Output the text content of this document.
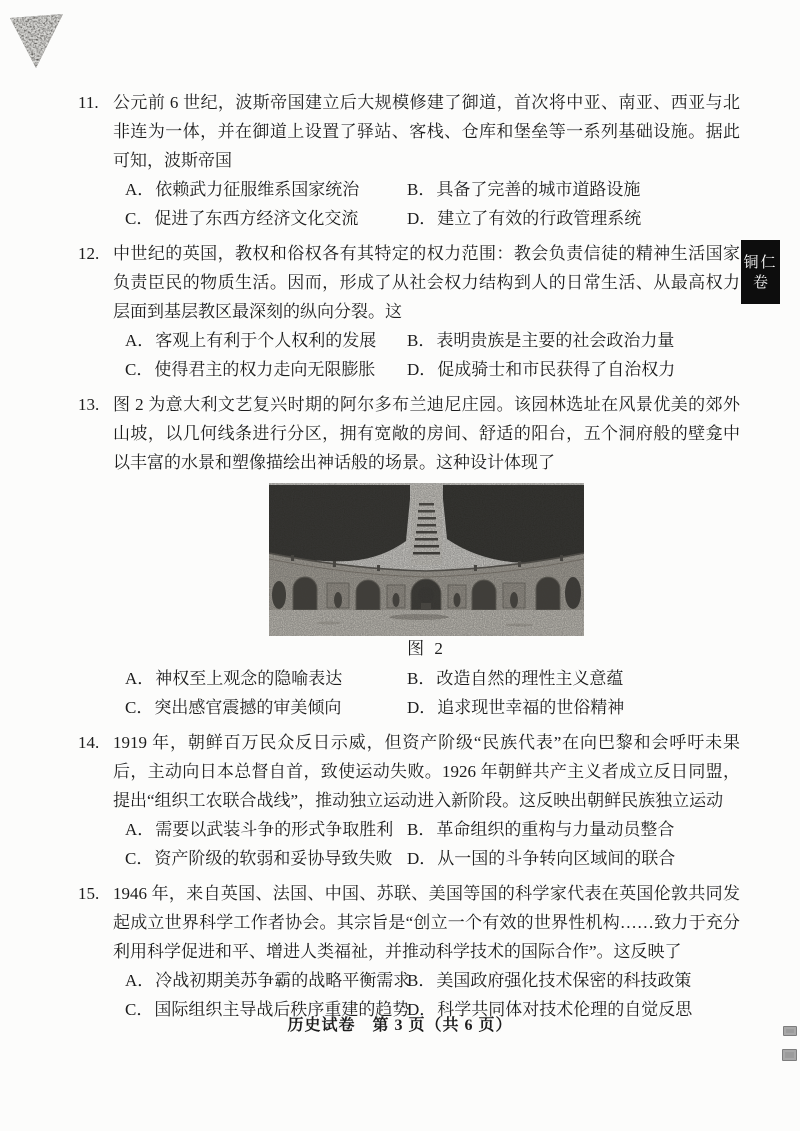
铜仁
卷
11. 公元前 6 世纪，波斯帝国建立后大规模修建了御道，首次将中亚、南亚、西亚与北非连为一体，并在御道上设置了驿站、客栈、仓库和堡垒等一系列基础设施。据此可知，波斯帝国
A．依赖武力征服维系国家统治	B．具备了完善的城市道路设施
C．促进了东西方经济文化交流	D．建立了有效的行政管理系统
12. 中世纪的英国，教权和俗权各有其特定的权力范围：教会负责信徒的精神生活国家负责臣民的物质生活。因而，形成了从社会权力结构到人的日常生活、从最高权力层面到基层教区最深刻的纵向分裂。这
A．客观上有利于个人权利的发展	B．表明贵族是主要的社会政治力量
C．使得君主的权力走向无限膨胀	D．促成骑士和市民获得了自治权力
13. 图 2 为意大利文艺复兴时期的阿尔多布兰迪尼庄园。该园林选址在风景优美的郊外山坡，以几何线条进行分区，拥有宽敞的房间、舒适的阳台，五个洞府般的壁龛中以丰富的水景和塑像描绘出神话般的场景。这种设计体现了
图 2
A．神权至上观念的隐喻表达	B．改造自然的理性主义意蕴
C．突出感官震撼的审美倾向	D．追求现世幸福的世俗精神
14. 1919 年，朝鲜百万民众反日示威，但资产阶级“民族代表”在向巴黎和会呼吁未果后，主动向日本总督自首，致使运动失败。1926 年朝鲜共产主义者成立反日同盟，提出“组织工农联合战线”，推动独立运动进入新阶段。这反映出朝鲜民族独立运动
A．需要以武装斗争的形式争取胜利 B．革命组织的重构与力量动员整合
C．资产阶级的软弱和妥协导致失败 D．从一国的斗争转向区域间的联合
15. 1946 年，来自英国、法国、中国、苏联、美国等国的科学家代表在英国伦敦共同发起成立世界科学工作者协会。其宗旨是“创立一个有效的世界性机构……致力于充分利用科学促进和平、增进人类福祉，并推动科学技术的国际合作”。这反映了
A．冷战初期美苏争霸的战略平衡需求
B．美国政府强化技术保密的科技政策
C．国际组织主导战后秩序重建的趋势
D．科学共同体对技术伦理的自觉反思
历史试卷　第 3 页（共 6 页）
